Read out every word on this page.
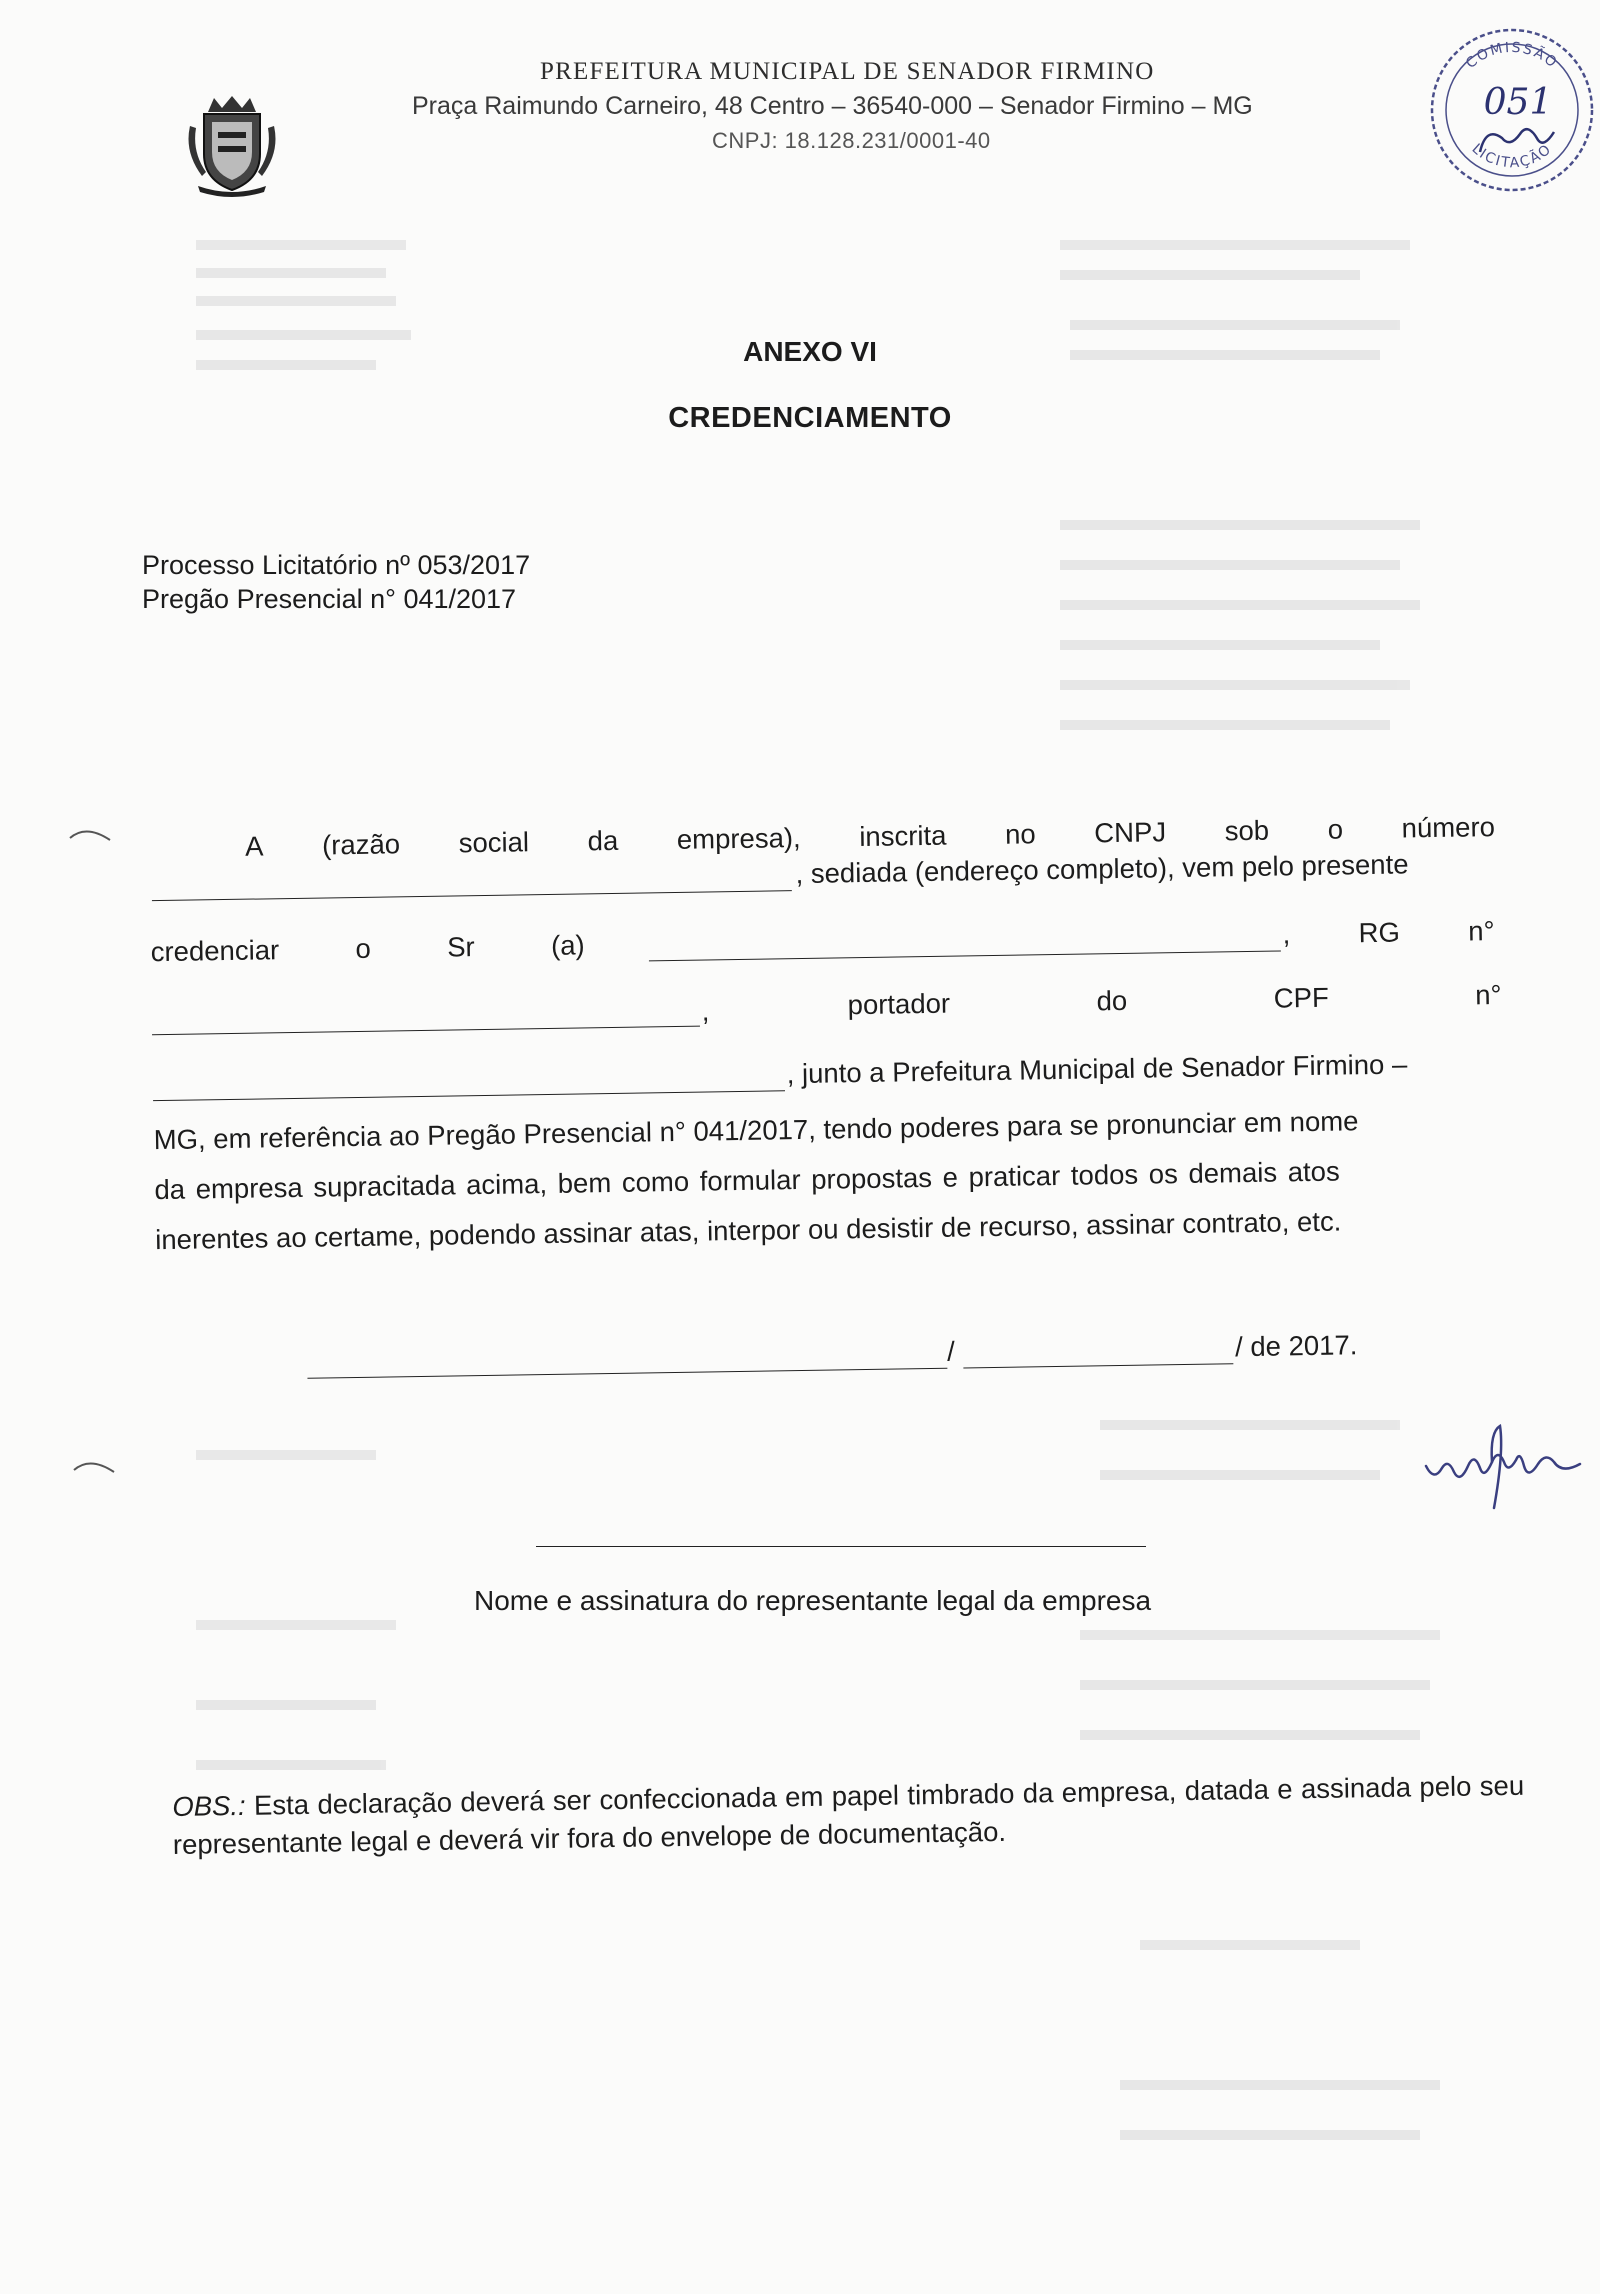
PREFEITURA MUNICIPAL DE SENADOR FIRMINO
Praça Raimundo Carneiro, 48 Centro – 36540-000 – Senador Firmino – MG
CNPJ: 18.128.231/0001-40
COMISSÃO
LICITAÇÃO
051
ANEXO VI
CREDENCIAMENTO
Processo Licitatório nº 053/2017
Pregão Presencial n° 041/2017
A (razão social da empresa), inscrita no CNPJ sob o número
, sediada (endereço completo), vem pelo presente
credenciar	o	Sr	(a)	, RG n°
,	portador	do	CPF	n°
, junto a Prefeitura Municipal de Senador Firmino –
MG, em referência ao Pregão Presencial n° 041/2017, tendo poderes para se pronunciar em nome
da empresa supracitada acima, bem como formular propostas e praticar todos os demais atos
inerentes ao certame, podendo assinar atas, interpor ou desistir de recurso, assinar contrato, etc.
/	/ de 2017.
Nome e assinatura do representante legal da empresa
OBS.: Esta declaração deverá ser confeccionada em papel timbrado da empresa, datada e assinada pelo seu representante legal e deverá vir fora do envelope de documentação.
